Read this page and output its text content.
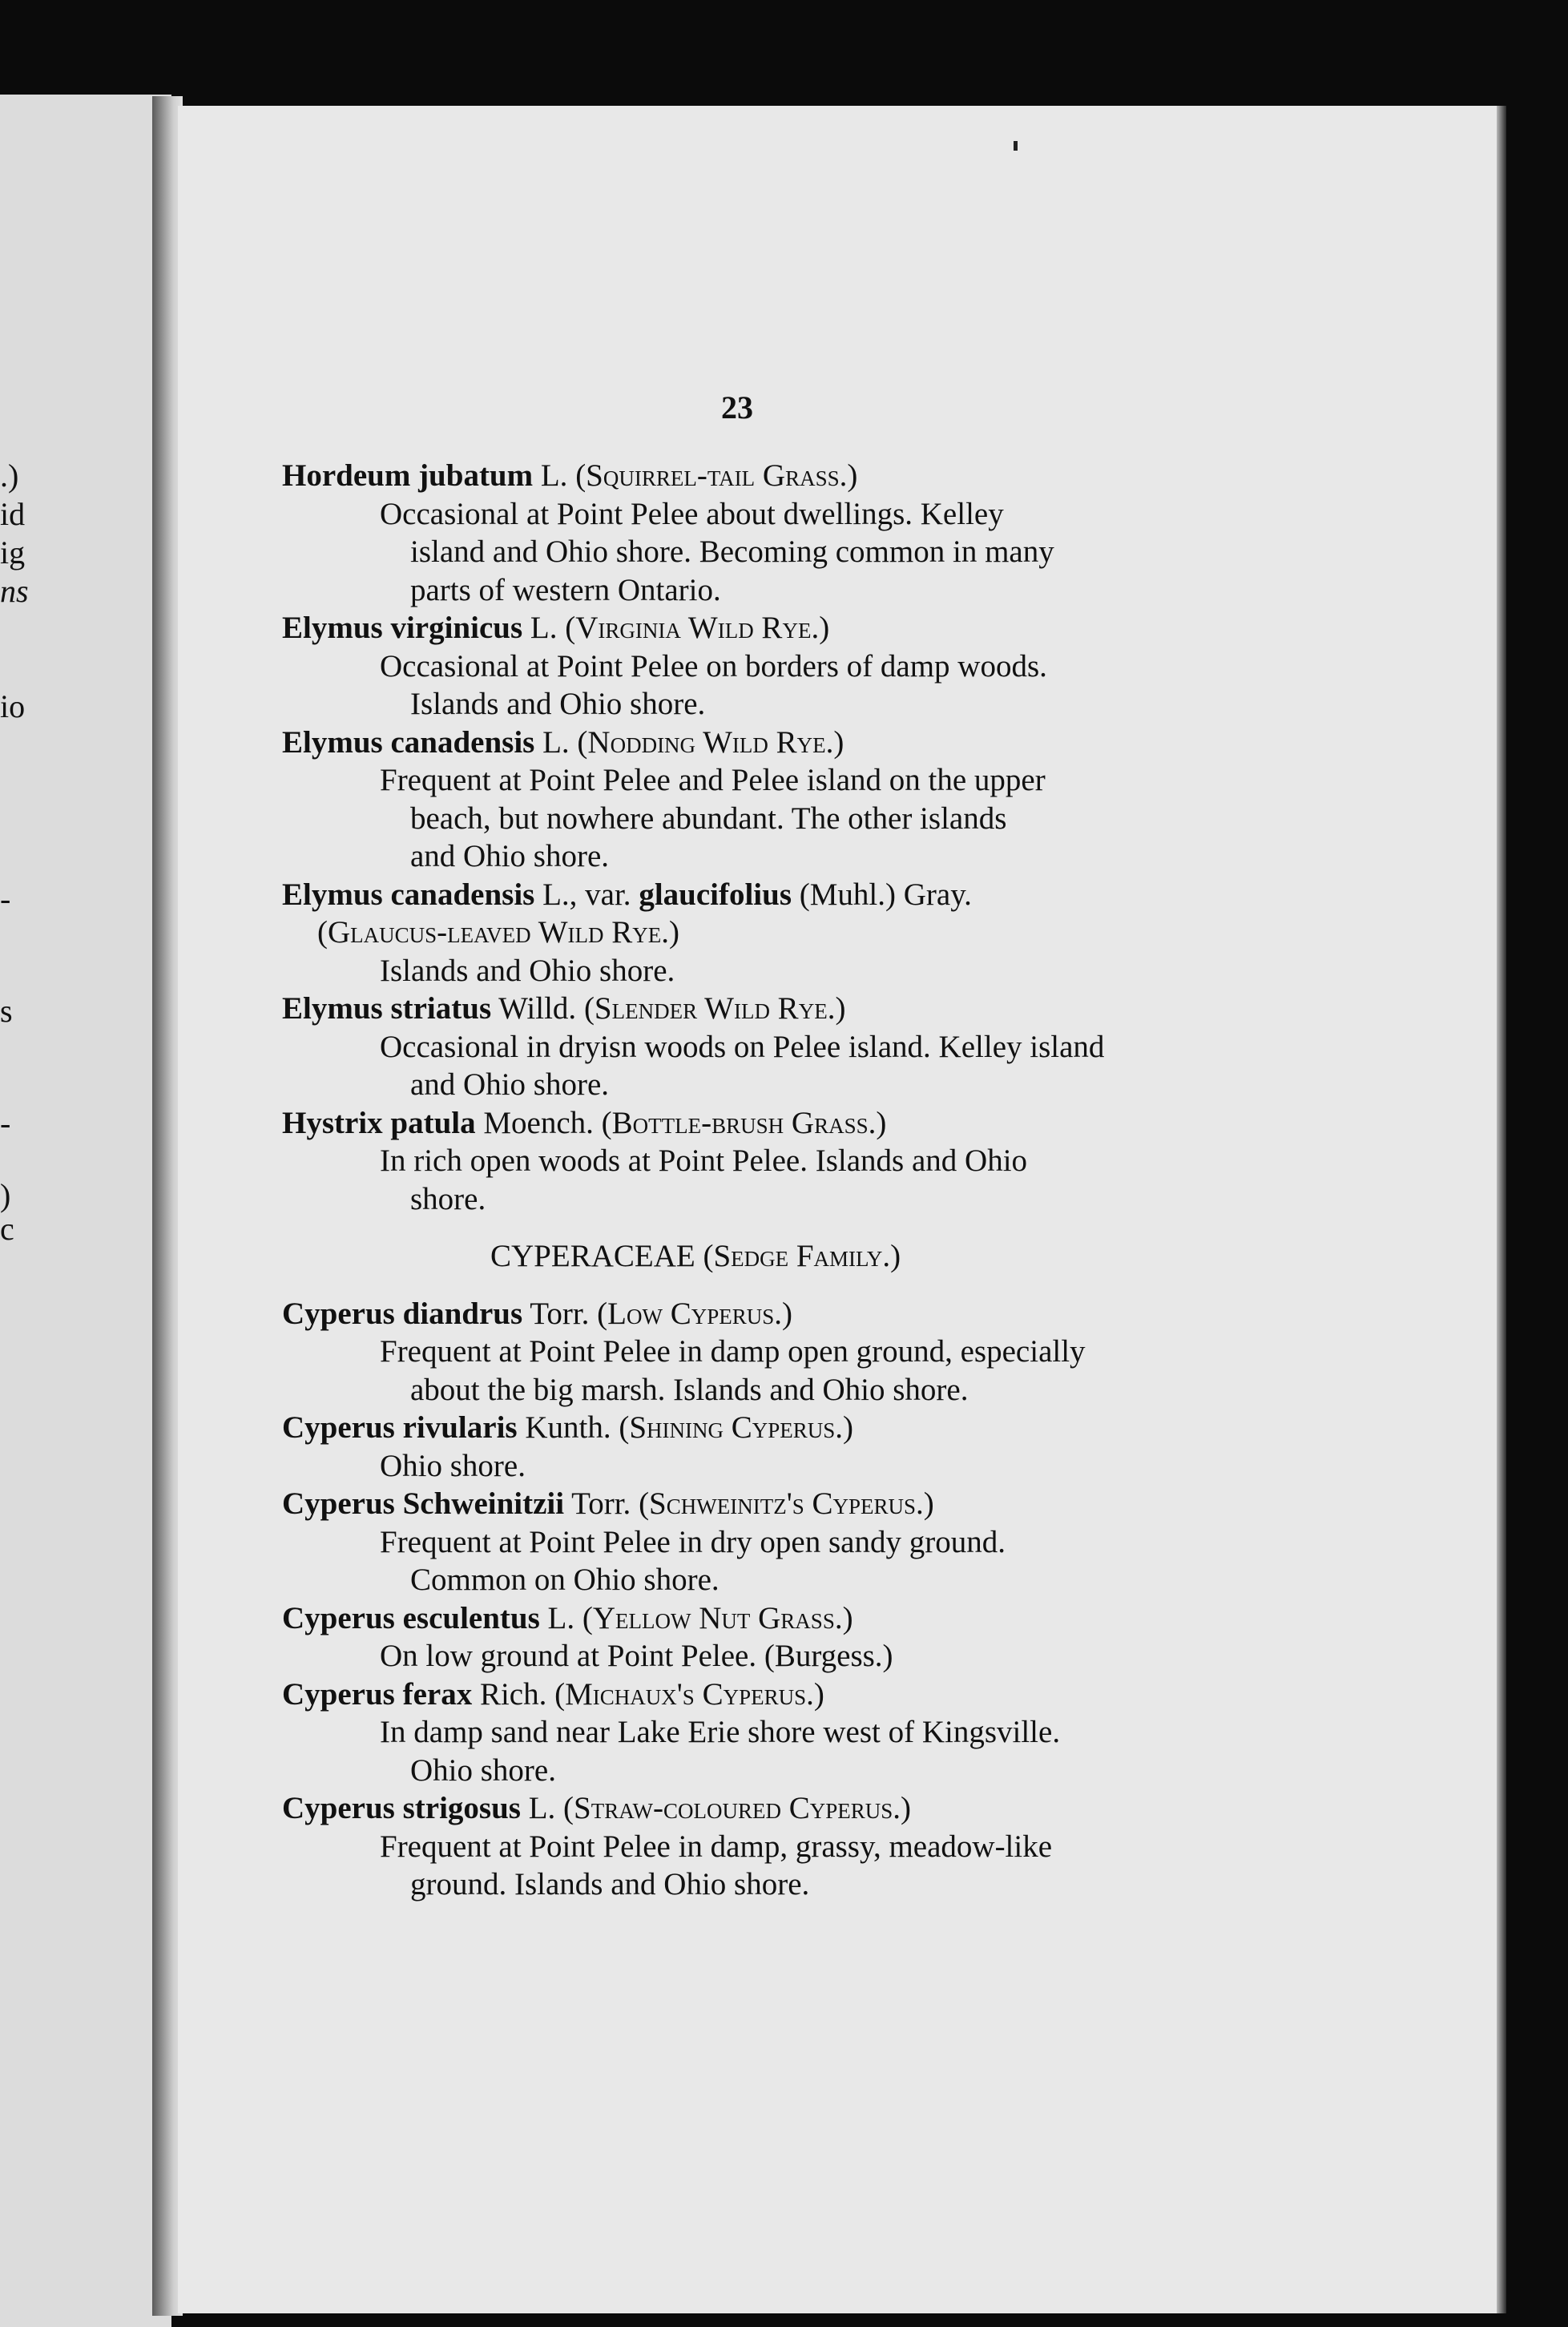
.)
id
ig
ns
io
-
s
-
)
c
23
Hordeum jubatum L. (Squirrel-tail Grass.)
Occasional at Point Pelee about dwellings. Kelley
island and Ohio shore. Becoming common in many
parts of western Ontario.
Elymus virginicus L. (Virginia Wild Rye.)
Occasional at Point Pelee on borders of damp woods.
Islands and Ohio shore.
Elymus canadensis L. (Nodding Wild Rye.)
Frequent at Point Pelee and Pelee island on the upper
beach, but nowhere abundant. The other islands
and Ohio shore.
Elymus canadensis L., var. glaucifolius (Muhl.) Gray.
(Glaucus-leaved Wild Rye.)
Islands and Ohio shore.
Elymus striatus Willd. (Slender Wild Rye.)
Occasional in dryisn woods on Pelee island. Kelley island
and Ohio shore.
Hystrix patula Moench. (Bottle-brush Grass.)
In rich open woods at Point Pelee. Islands and Ohio
shore.
CYPERACEAE (Sedge Family.)
Cyperus diandrus Torr. (Low Cyperus.)
Frequent at Point Pelee in damp open ground, especially
about the big marsh. Islands and Ohio shore.
Cyperus rivularis Kunth. (Shining Cyperus.)
Ohio shore.
Cyperus Schweinitzii Torr. (Schweinitz's Cyperus.)
Frequent at Point Pelee in dry open sandy ground.
Common on Ohio shore.
Cyperus esculentus L. (Yellow Nut Grass.)
On low ground at Point Pelee. (Burgess.)
Cyperus ferax Rich. (Michaux's Cyperus.)
In damp sand near Lake Erie shore west of Kingsville.
Ohio shore.
Cyperus strigosus L. (Straw-coloured Cyperus.)
Frequent at Point Pelee in damp, grassy, meadow-like
ground. Islands and Ohio shore.
